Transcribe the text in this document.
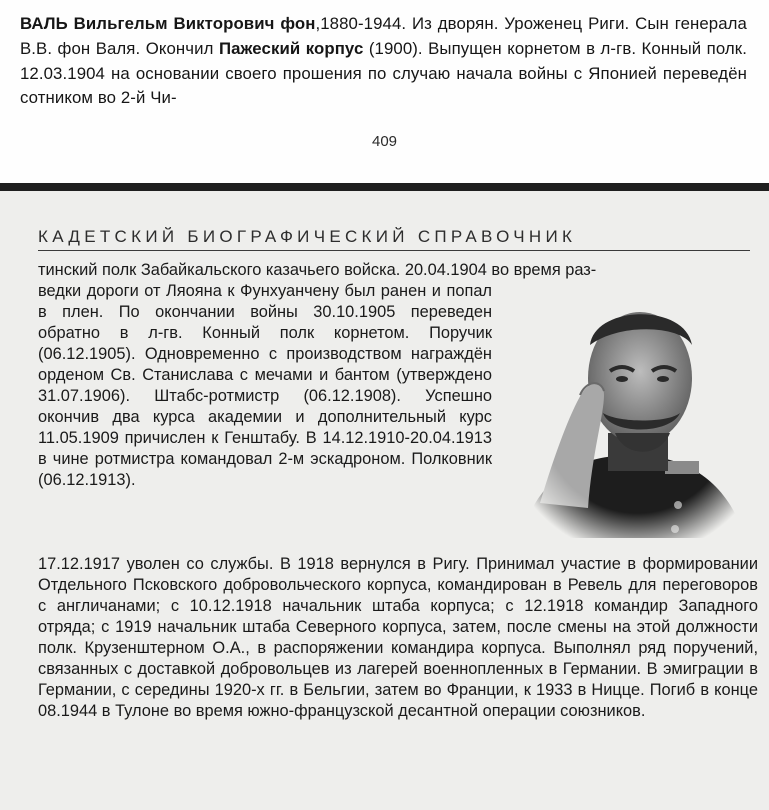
ВАЛЬ Вильгельм Викторович фон,1880-1944. Из дворян. Уроженец Риги. Сын генерала В.В. фон Валя. Окончил Пажеский корпус (1900). Выпущен корнетом в л-гв. Конный полк. 12.03.1904 на основании своего прошения по случаю начала войны с Японией переведён сотником во 2-й Чи-

409
КАДЕТСКИЙ БИОГРАФИЧЕСКИЙ СПРАВОЧНИК

тинский полк Забайкальского казачьего войска. 20.04.1904 во время раз-

ведки дороги от Ляояна к Фунхуанчену был ранен и попал в плен. По окончании войны 30.10.1905 переведен обратно в л-гв. Конный полк корнетом. Поручик (06.12.1905). Одновременно с производством награждён орденом Св. Станислава с мечами и бантом (утверждено 31.07.1906). Штабс-ротмистр (06.12.1908). Успешно окончив два курса академии и дополнительный курс 11.05.1909 причислен к Генштабу. В 14.12.1910-20.04.1913 в чине ротмистра командовал 2-м эскадроном. Полковник (06.12.1913).

17.12.1917 уволен со службы. В 1918 вернулся в Ригу. Принимал участие в формировании Отдельного Псковского добровольческого корпуса, командирован в Ревель для переговоров с англичанами; с 10.12.1918 начальник штаба корпуса; с 12.1918 командир Западного отряда; с 1919 начальник штаба Северного корпуса, затем, после смены на этой должности полк. Крузенштерном О.А., в распоряжении командира корпуса. Выполнял ряд поручений, связанных с доставкой добровольцев из лагерей военнопленных в Германии. В эмиграции в Германии, с середины 1920-х гг. в Бельгии, затем во Франции, к 1933 в Ницце. Погиб в конце 08.1944 в Тулоне во время южно-французской десантной операции союзников.
